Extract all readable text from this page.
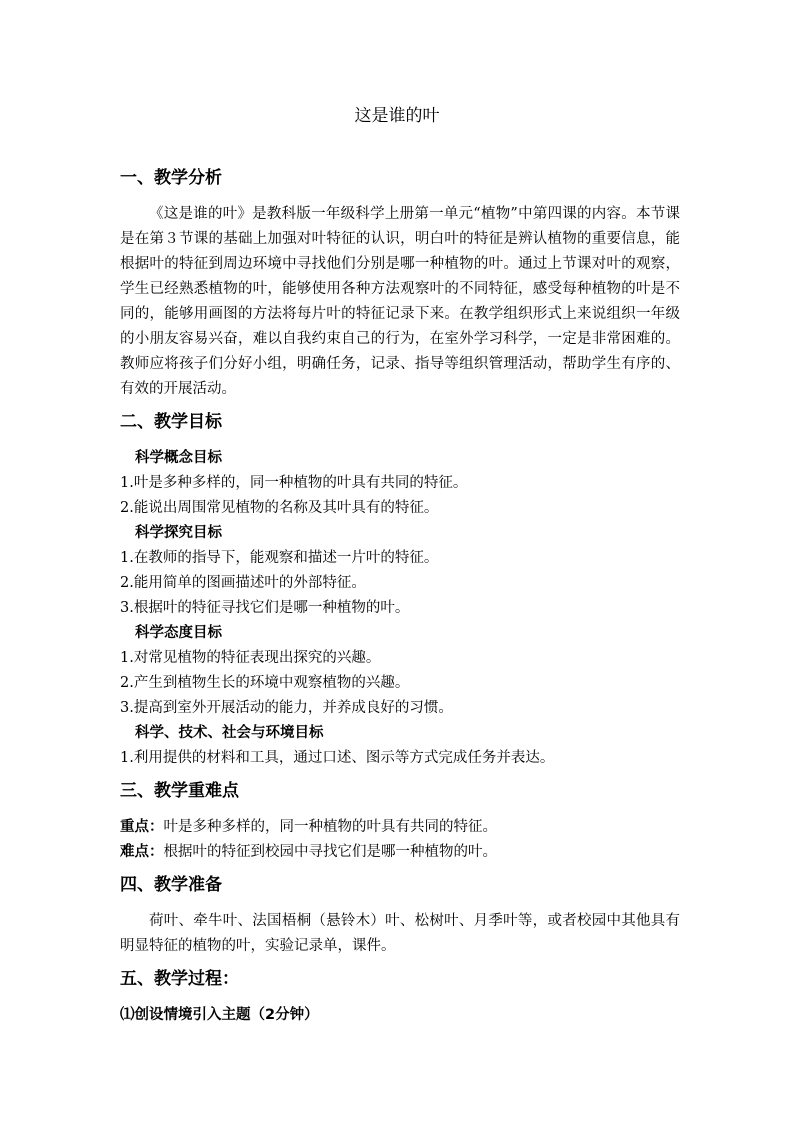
这是谁的叶
一、教学分析

《这是谁的叶》是教科版一年级科学上册第一单元“植物”中第四课的内容。本节课是在第３节课的基础上加强对叶特征的认识，明白叶的特征是辨认植物的重要信息，能根据叶的特征到周边环境中寻找他们分别是哪一种植物的叶。通过上节课对叶的观察，学生已经熟悉植物的叶，能够使用各种方法观察叶的不同特征，感受每种植物的叶是不同的，能够用画图的方法将每片叶的特征记录下来。在教学组织形式上来说组织一年级的小朋友容易兴奋，难以自我约束自己的行为，在室外学习科学，一定是非常困难的。教师应将孩子们分好小组，明确任务，记录、指导等组织管理活动，帮助学生有序的、有效的开展活动。

二、教学目标
科学概念目标

1.叶是多种多样的，同一种植物的叶具有共同的特征。

2.能说出周围常见植物的名称及其叶具有的特征。

科学探究目标

1.在教师的指导下，能观察和描述一片叶的特征。

2.能用简单的图画描述叶的外部特征。

3.根据叶的特征寻找它们是哪一种植物的叶。

科学态度目标

1.对常见植物的特征表现出探究的兴趣。

2.产生到植物生长的环境中观察植物的兴趣。

3.提高到室外开展活动的能力，并养成良好的习惯。

科学、技术、社会与环境目标

1.利用提供的材料和工具，通过口述、图示等方式完成任务并表达。

三、教学重难点

重点：叶是多种多样的，同一种植物的叶具有共同的特征。

难点：根据叶的特征到校园中寻找它们是哪一种植物的叶。

四、教学准备

荷叶、牵牛叶、法国梧桐（悬铃木）叶、松树叶、月季叶等，或者校园中其他具有明显特征的植物的叶，实验记录单，课件。

五、教学过程：
⑴创设情境引入主题（2分钟）
